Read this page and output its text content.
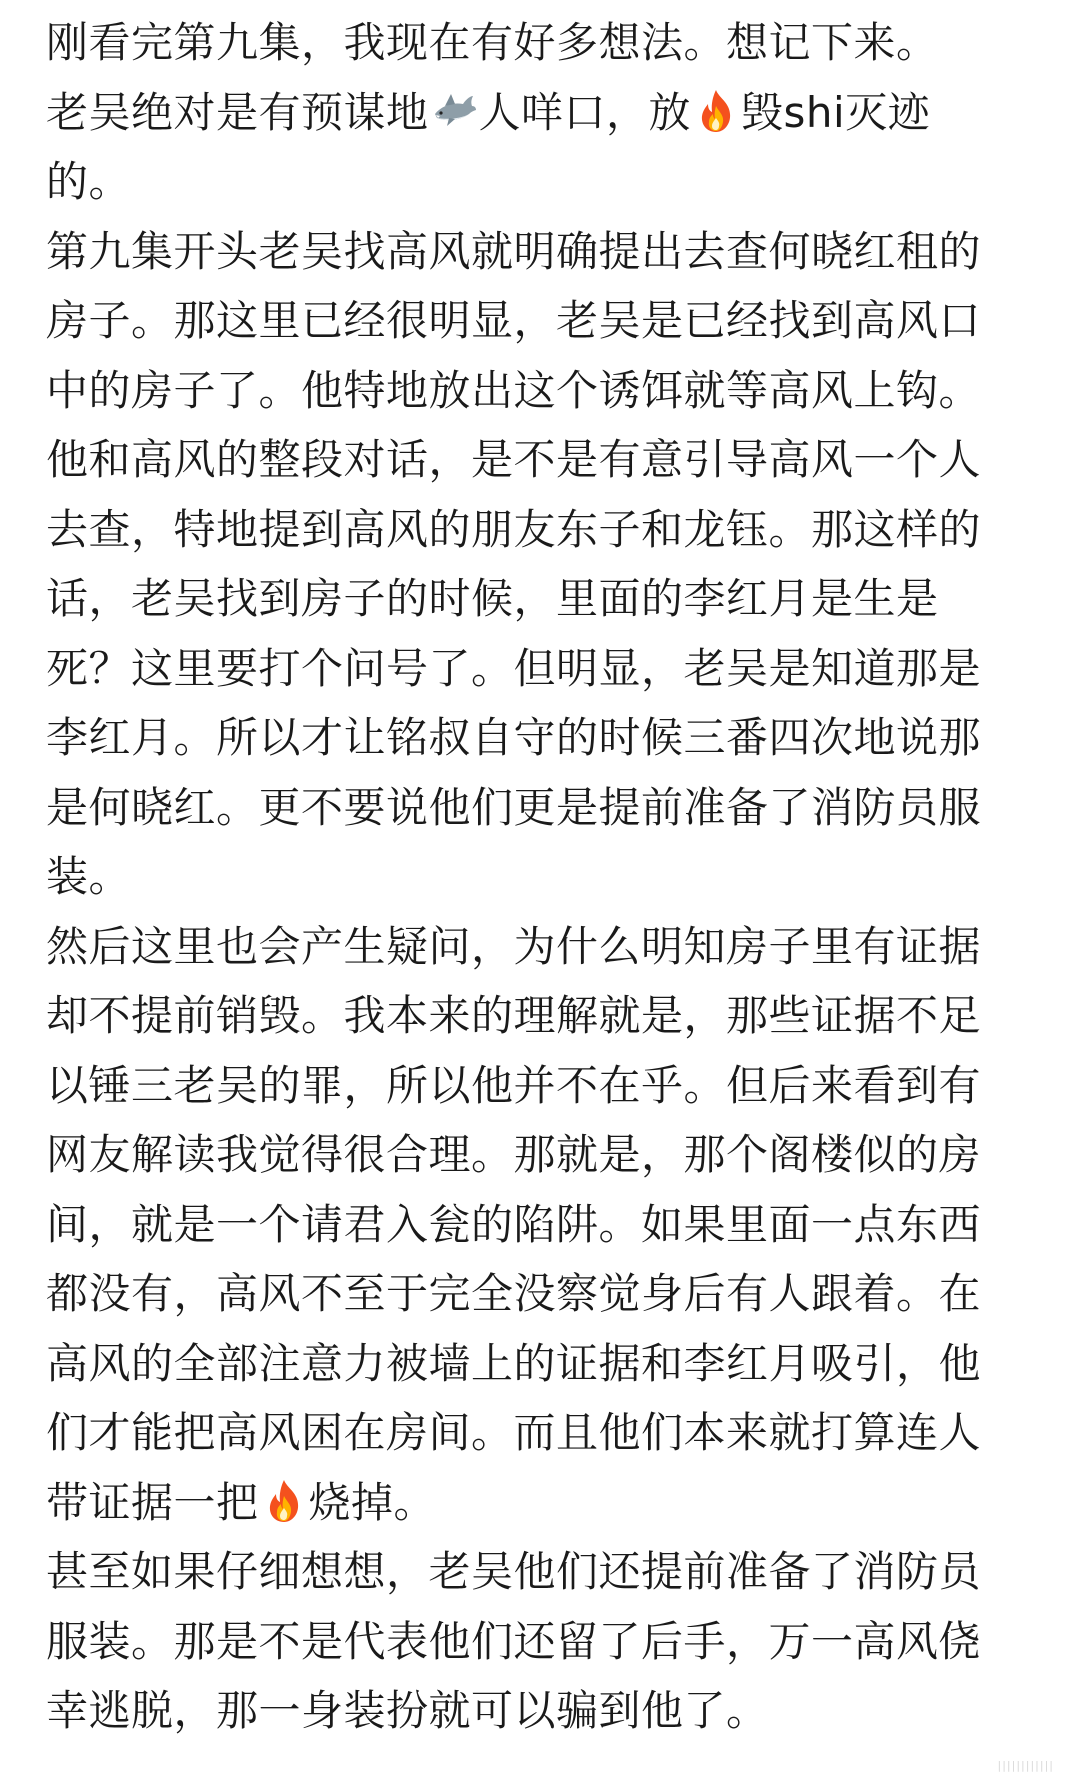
刚看完第九集，我现在有好多想法。想记下来。
老吴绝对是有预谋地 人咩口，放 毁shi灭迹
的。
第九集开头老吴找高风就明确提出去查何晓红租的
房子。那这里已经很明显，老吴是已经找到高风口
中的房子了。他特地放出这个诱饵就等高风上钩。
他和高风的整段对话，是不是有意引导高风一个人
去查，特地提到高风的朋友东子和龙钰。那这样的
话，老吴找到房子的时候，里面的李红月是生是
死？这里要打个问号了。但明显，老吴是知道那是
李红月。所以才让铭叔自守的时候三番四次地说那
是何晓红。更不要说他们更是提前准备了消防员服
装。
然后这里也会产生疑问，为什么明知房子里有证据
却不提前销毁。我本来的理解就是，那些证据不足
以锤三老吴的罪，所以他并不在乎。但后来看到有
网友解读我觉得很合理。那就是，那个阁楼似的房
间，就是一个请君入瓮的陷阱。如果里面一点东西
都没有，高风不至于完全没察觉身后有人跟着。在
高风的全部注意力被墙上的证据和李红月吸引，他
们才能把高风困在房间。而且他们本来就打算连人
带证据一把 烧掉。
甚至如果仔细想想，老吴他们还提前准备了消防员
服装。那是不是代表他们还留了后手，万一高风侥
幸逃脱，那一身装扮就可以骗到他了。
||||||||||||
